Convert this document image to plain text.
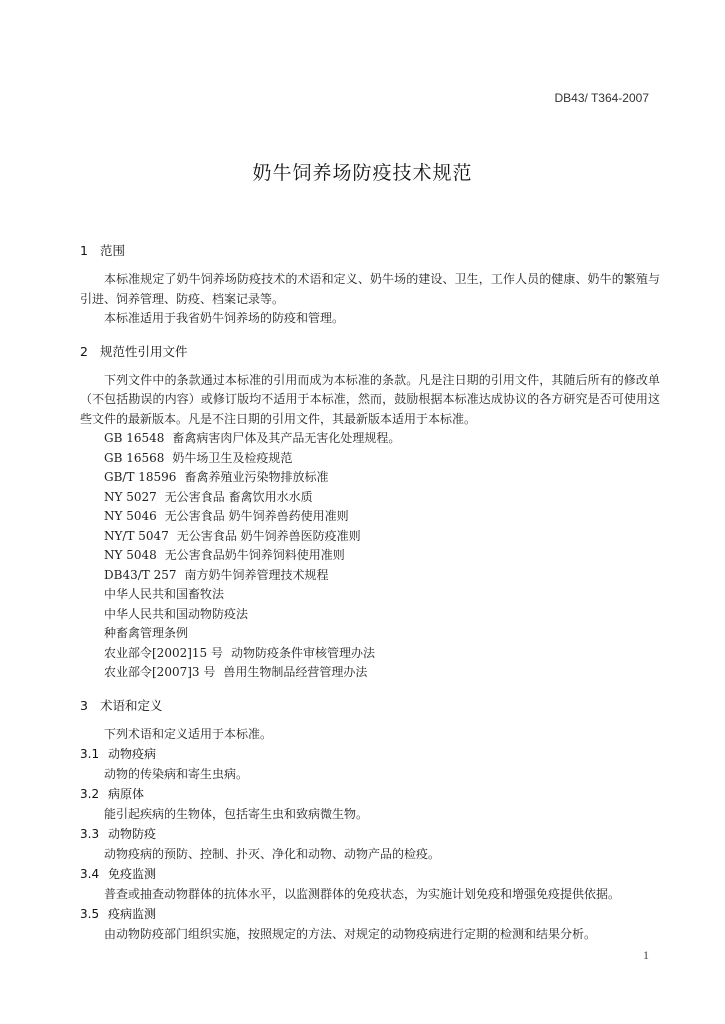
DB43/ T364-2007
奶牛饲养场防疫技术规范
1 范围

本标准规定了奶牛饲养场防疫技术的术语和定义、奶牛场的建设、卫生，工作人员的健康、奶牛的繁殖与引进、饲养管理、防疫、档案记录等。

本标准适用于我省奶牛饲养场的防疫和管理。

2 规范性引用文件

下列文件中的条款通过本标准的引用而成为本标准的条款。凡是注日期的引用文件，其随后所有的修改单（不包括勘误的内容）或修订版均不适用于本标准，然而，鼓励根据本标准达成协议的各方研究是否可使用这些文件的最新版本。凡是不注日期的引用文件，其最新版本适用于本标准。

GB 16548 畜禽病害肉尸体及其产品无害化处理规程。

GB 16568 奶牛场卫生及检疫规范

GB/T 18596 畜禽养殖业污染物排放标准

NY 5027 无公害食品 畜禽饮用水水质

NY 5046 无公害食品 奶牛饲养兽药使用准则

NY/T 5047 无公害食品 奶牛饲养兽医防疫准则

NY 5048 无公害食品奶牛饲养饲料使用准则

DB43/T 257 南方奶牛饲养管理技术规程

中华人民共和国畜牧法

中华人民共和国动物防疫法

种畜禽管理条例

农业部令[2002]15 号 动物防疫条件审核管理办法

农业部令[2007]3 号 兽用生物制品经营管理办法

3 术语和定义

下列术语和定义适用于本标准。

3.1 动物疫病

动物的传染病和寄生虫病。

3.2 病原体

能引起疾病的生物体，包括寄生虫和致病微生物。

3.3 动物防疫

动物疫病的预防、控制、扑灭、净化和动物、动物产品的检疫。

3.4 免疫监测

普查或抽查动物群体的抗体水平，以监测群体的免疫状态，为实施计划免疫和增强免疫提供依据。

3.5 疫病监测

由动物防疫部门组织实施，按照规定的方法、对规定的动物疫病进行定期的检测和结果分析。

1
